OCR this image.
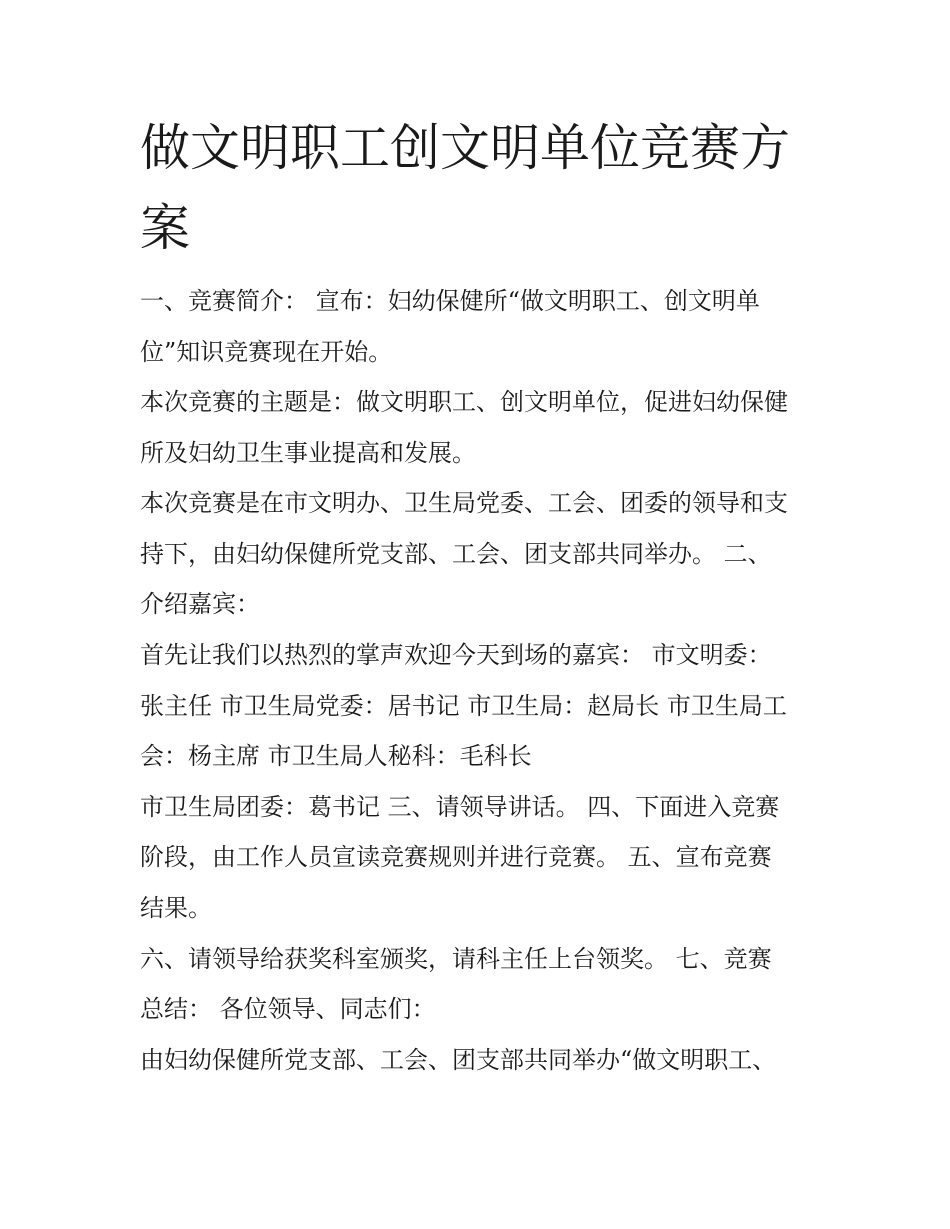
做文明职工创文明单位竞赛方
案
一、竞赛简介： 宣布：妇幼保健所“做文明职工、创文明单
位”知识竞赛现在开始。
本次竞赛的主题是：做文明职工、创文明单位，促进妇幼保健
所及妇幼卫生事业提高和发展。
本次竞赛是在市文明办、卫生局党委、工会、团委的领导和支
持下，由妇幼保健所党支部、工会、团支部共同举办。 二、
介绍嘉宾：
首先让我们以热烈的掌声欢迎今天到场的嘉宾： 市文明委：
张主任 市卫生局党委：居书记 市卫生局：赵局长 市卫生局工
会：杨主席 市卫生局人秘科：毛科长
市卫生局团委：葛书记 三、请领导讲话。 四、下面进入竞赛
阶段，由工作人员宣读竞赛规则并进行竞赛。 五、宣布竞赛
结果。
六、请领导给获奖科室颁奖，请科主任上台领奖。 七、竞赛
总结： 各位领导、同志们：
由妇幼保健所党支部、工会、团支部共同举办“做文明职工、
